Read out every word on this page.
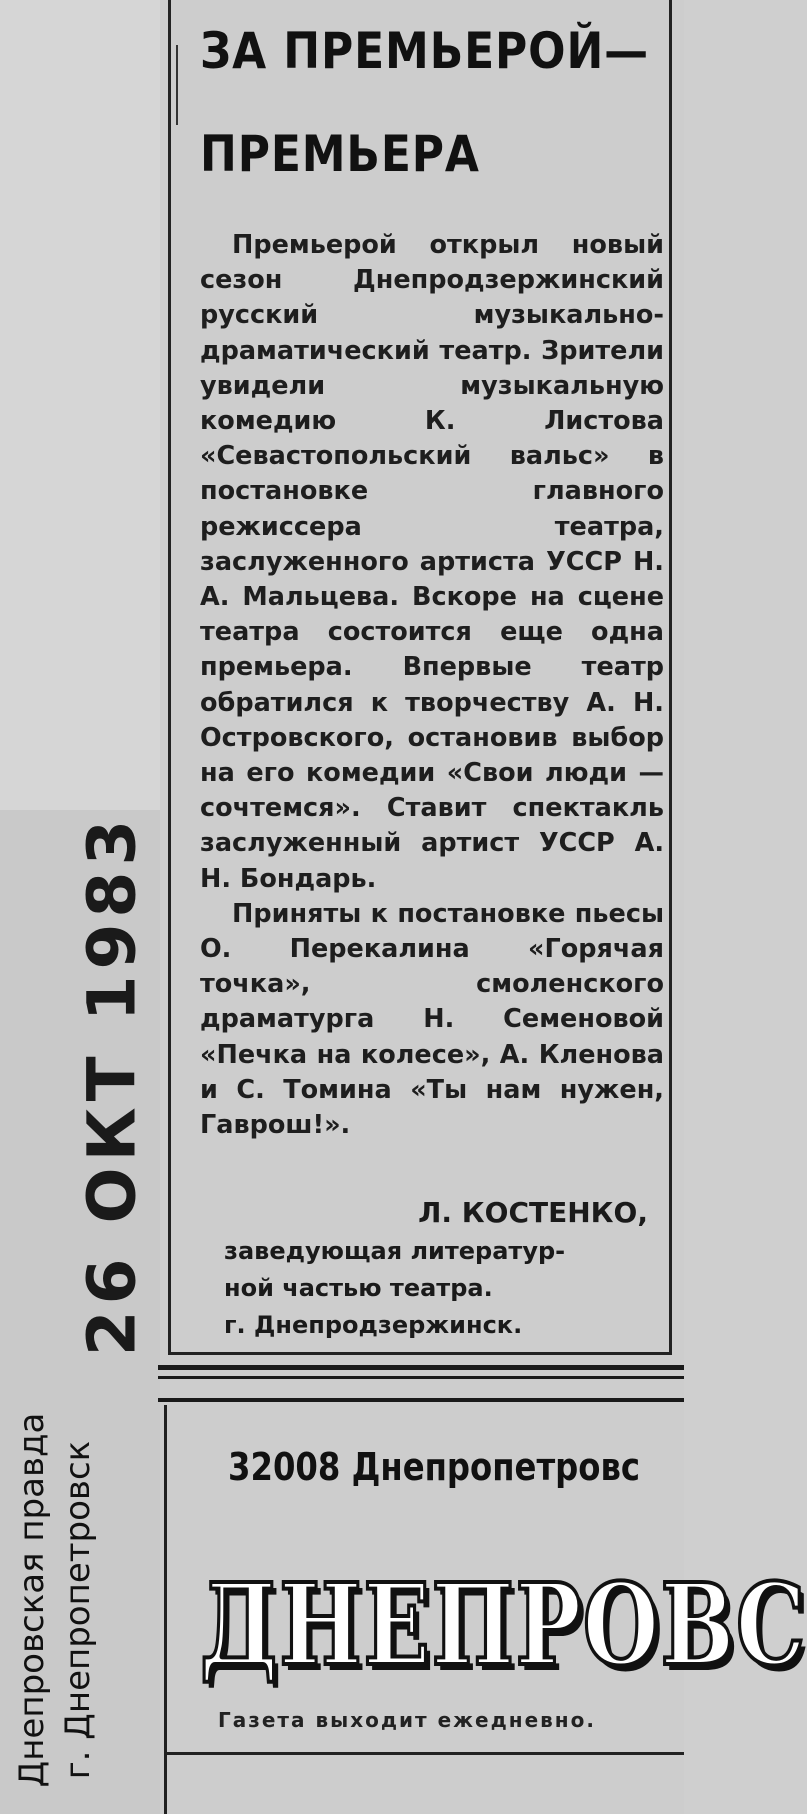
ЗА ПРЕМЬЕРОЙ—
ПРЕМЬЕРА

Премьерой открыл новый сезон Днепродзержинский русский музыкально-драматический театр. Зрители увидели музыкальную комедию К. Листова «Севастопольский вальс» в постановке главного режиссера театра, заслуженного артиста УССР Н. А. Мальцева. Вскоре на сцене театра состоится еще одна премьера. Впервые театр обратился к творчеству А. Н. Островского, остановив выбор на его комедии «Свои люди — сочтемся». Ставит спектакль заслуженный артист УССР А. Н. Бондарь.

Приняты к постановке пьесы О. Перекалина «Горячая точка», смоленского драматурга Н. Семеновой «Печка на колесе», А. Кленова и С. Томина «Ты нам нужен, Гаврош!».

Л. КОСТЕНКО,
заведующая литератур-
ной частью театра.
г. Днепродзержинск.
32008 Днепропетровс
ДНЕПРОВС
Газета выходит ежедневно.
26 ОКТ 1983
Днепровская правда г. Днепропетровск
